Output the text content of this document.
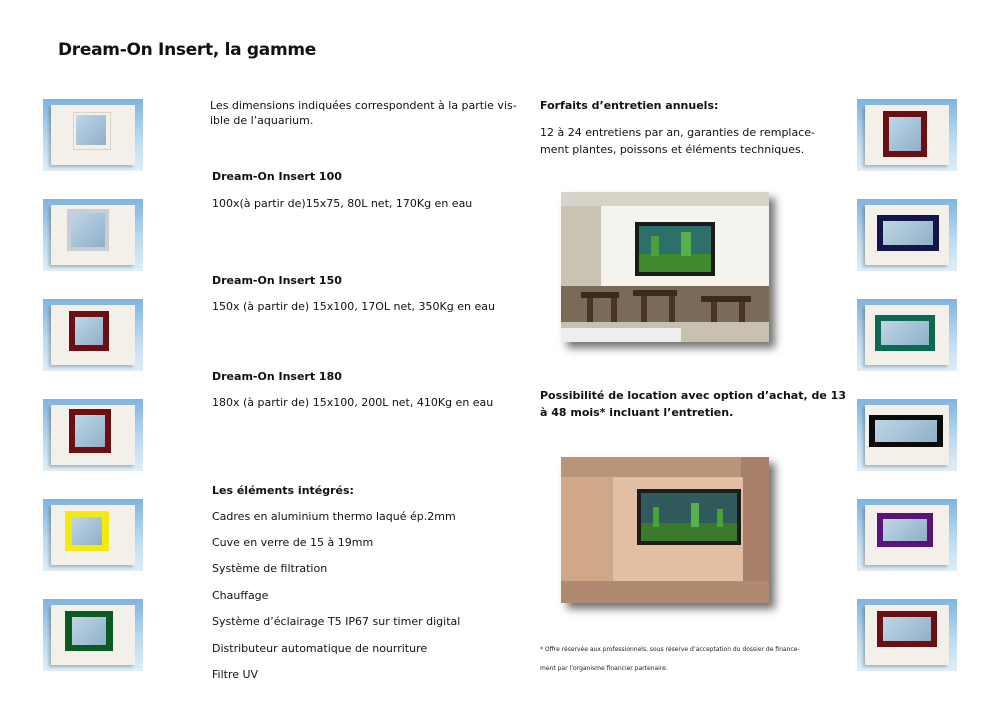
Dream-On Insert, la gamme
Les dimensions indiquées correspondent à la partie vis-
ible de l’aquarium.
Dream-On Insert 100
100x(à partir de)15x75, 80L net, 170Kg en eau
Dream-On Insert 150
150x (à partir de) 15x100, 17OL net, 350Kg en eau
Dream-On Insert 180
180x (à partir de) 15x100, 200L net, 410Kg en eau
Les éléments intégrés:
Cadres en aluminium thermo laqué ép.2mm
Cuve en verre de 15 à 19mm
Système de filtration
Chauffage
Système d’éclairage T5 IP67 sur timer digital
Distributeur automatique de nourriture
Filtre UV
Forfaits d’entretien annuels:
12 à 24 entretiens par an, garanties de remplace-
ment plantes, poissons et éléments techniques.
Possibilité de location avec option d’achat, de 13
à 48 mois* incluant l’entretien.
* Offre réservée aux professionnels, sous réserve d’acceptation du dossier de finance-
ment par l’organisme financier partenaire.
